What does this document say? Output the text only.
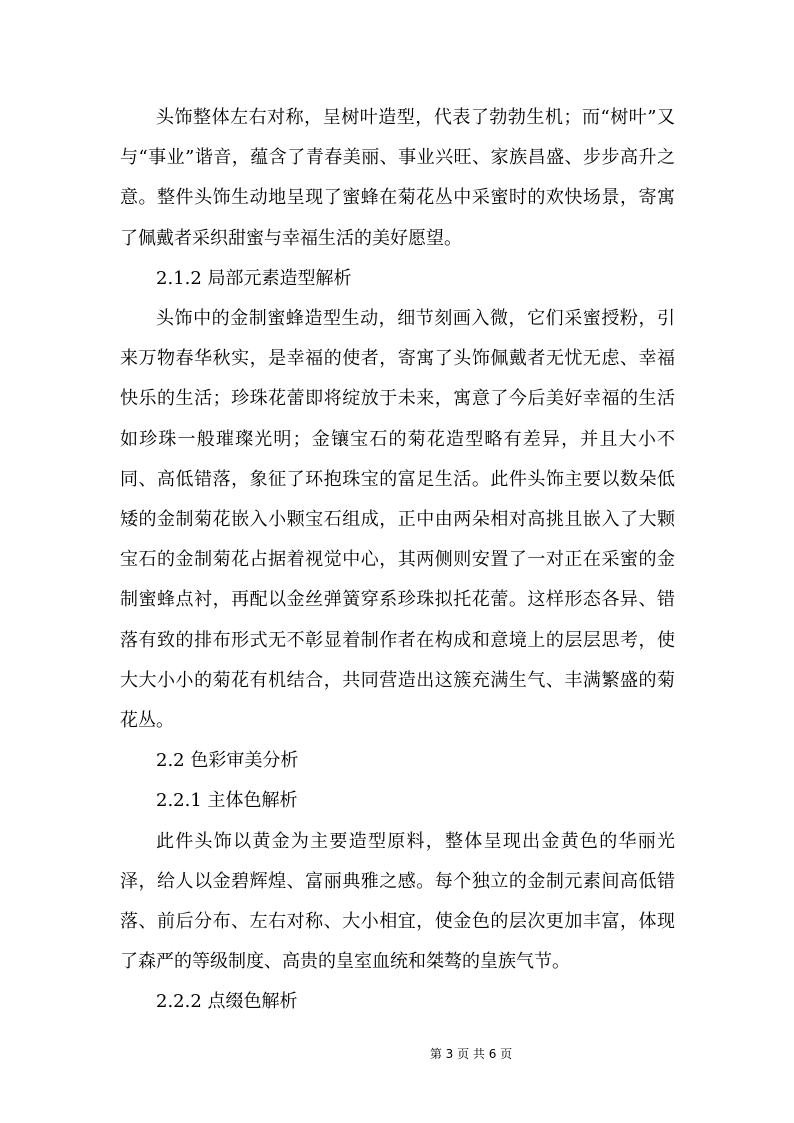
头饰整体左右对称，呈树叶造型，代表了勃勃生机；而“树叶”又与“事业”谐音，蕴含了青春美丽、事业兴旺、家族昌盛、步步高升之意。整件头饰生动地呈现了蜜蜂在菊花丛中采蜜时的欢快场景，寄寓了佩戴者采织甜蜜与幸福生活的美好愿望。

2.1.2 局部元素造型解析

头饰中的金制蜜蜂造型生动，细节刻画入微，它们采蜜授粉，引来万物春华秋实，是幸福的使者，寄寓了头饰佩戴者无忧无虑、幸福快乐的生活；珍珠花蕾即将绽放于未来，寓意了今后美好幸福的生活如珍珠一般璀璨光明；金镶宝石的菊花造型略有差异，并且大小不同、高低错落，象征了环抱珠宝的富足生活。此件头饰主要以数朵低矮的金制菊花嵌入小颗宝石组成，正中由两朵相对高挑且嵌入了大颗宝石的金制菊花占据着视觉中心，其两侧则安置了一对正在采蜜的金制蜜蜂点衬，再配以金丝弹簧穿系珍珠拟托花蕾。这样形态各异、错落有致的排布形式无不彰显着制作者在构成和意境上的层层思考，使大大小小的菊花有机结合，共同营造出这簇充满生气、丰满繁盛的菊花丛。

2.2 色彩审美分析

2.2.1 主体色解析

此件头饰以黄金为主要造型原料，整体呈现出金黄色的华丽光泽，给人以金碧辉煌、富丽典雅之感。每个独立的金制元素间高低错落、前后分布、左右对称、大小相宜，使金色的层次更加丰富，体现了森严的等级制度、高贵的皇室血统和桀骜的皇族气节。

2.2.2 点缀色解析

第 3 页 共 6 页
